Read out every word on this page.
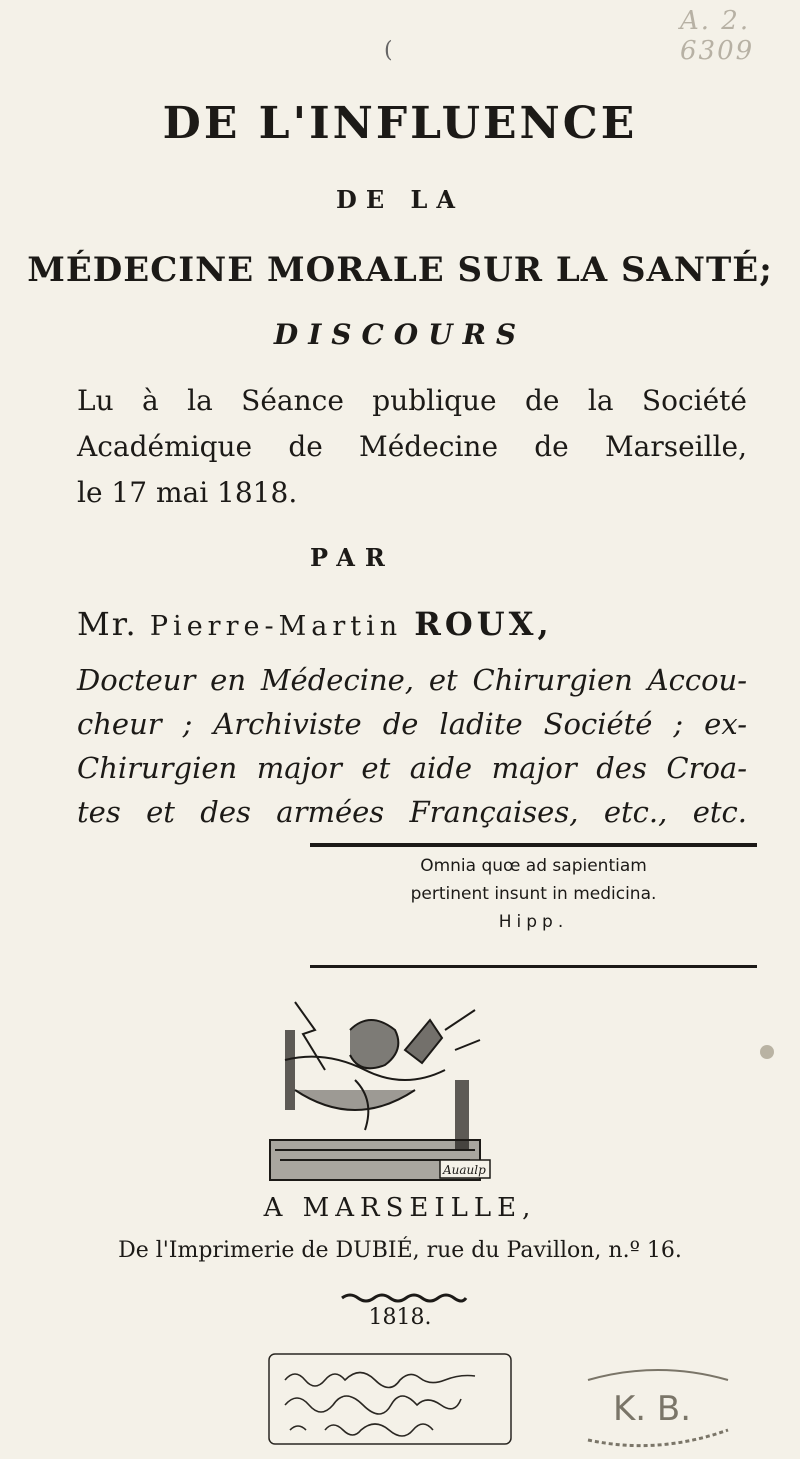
A. 2. 6309
(
DE L'INFLUENCE
DE LA
MÉDECINE MORALE SUR LA SANTÉ;
DISCOURS
Lu à la Séance publique de la Société
Académique de Médecine de Marseille,
le 17 mai 1818.
PAR
Mr. Pierre-Martin ROUX,
Docteur en Médecine, et Chirurgien Accou-
cheur ; Archiviste de ladite Société ; ex-
Chirurgien major et aide major des Croa-
tes et des armées Françaises, etc., etc.
Omnia quœ ad sapientiam
pertinent insunt in medicina.
Hipp.
Auaulp
A MARSEILLE,
De l'Imprimerie de DUBIÉ, rue du Pavillon, n.º 16.
1818.
K. B.
